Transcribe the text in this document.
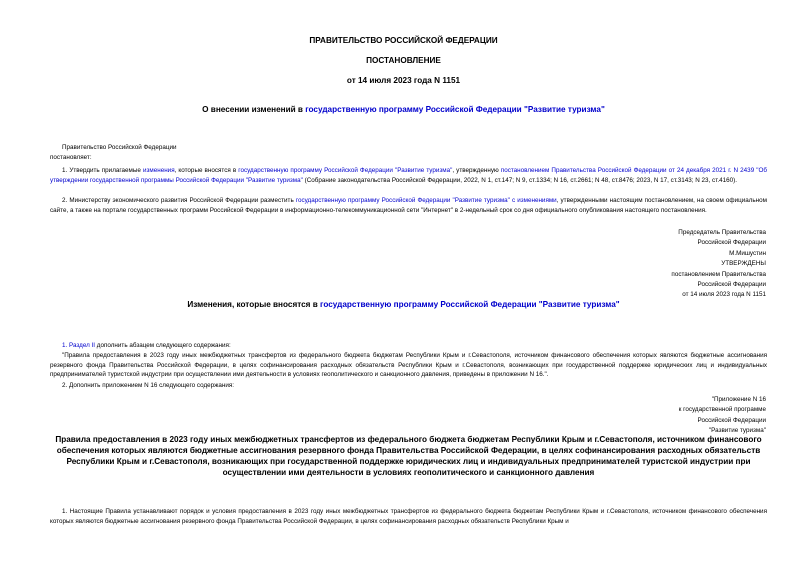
ПРАВИТЕЛЬСТВО РОССИЙСКОЙ ФЕДЕРАЦИИ
ПОСТАНОВЛЕНИЕ
от 14 июля 2023 года N 1151
О внесении изменений в государственную программу Российской Федерации "Развитие туризма"
Правительство Российской Федерации
постановляет:
1. Утвердить прилагаемые изменения, которые вносятся в государственную программу Российской Федерации "Развитие туризма", утвержденную постановлением Правительства Российской Федерации от 24 декабря 2021 г. N 2439 "Об утверждении государственной программы Российской Федерации "Развитие туризма" (Собрание законодательства Российской Федерации, 2022, N 1, ст.147; N 9, ст.1334; N 16, ст.2661; N 48, ст.8476; 2023, N 17, ст.3143; N 23, ст.4160).
2. Министерству экономического развития Российской Федерации разместить государственную программу Российской Федерации "Развитие туризма" с изменениями, утвержденными настоящим постановлением, на своем официальном сайте, а также на портале государственных программ Российской Федерации в информационно-телекоммуникационной сети "Интернет" в 2-недельный срок со дня официального опубликования настоящего постановления.
Председатель Правительства
Российской Федерации
М.Мишустин
УТВЕРЖДЕНЫ
постановлением Правительства
Российской Федерации
от 14 июля 2023 года N 1151
Изменения, которые вносятся в государственную программу Российской Федерации "Развитие туризма"
1. Раздел II дополнить абзацем следующего содержания:
"Правила предоставления в 2023 году иных межбюджетных трансфертов из федерального бюджета бюджетам Республики Крым и г.Севастополя, источником финансового обеспечения которых являются бюджетные ассигнования резервного фонда Правительства Российской Федерации, в целях софинансирования расходных обязательств Республики Крым и г.Севастополя, возникающих при государственной поддержке юридических лиц и индивидуальных предпринимателей туристской индустрии при осуществлении ими деятельности в условиях геополитического и санкционного давления, приведены в приложении N 16.".
2. Дополнить приложением N 16 следующего содержания:
"Приложение N 16
к государственной программе
Российской Федерации
"Развитие туризма"
Правила предоставления в 2023 году иных межбюджетных трансфертов из федерального бюджета бюджетам Республики Крым и г.Севастополя, источником финансового обеспечения которых являются бюджетные ассигнования резервного фонда Правительства Российской Федерации, в целях софинансирования расходных обязательств Республики Крым и г.Севастополя, возникающих при государственной поддержке юридических лиц и индивидуальных предпринимателей туристской индустрии при осуществлении ими деятельности в условиях геополитического и санкционного давления
1. Настоящие Правила устанавливают порядок и условия предоставления в 2023 году иных межбюджетных трансфертов из федерального бюджета бюджетам Республики Крым и г.Севастополя, источником финансового обеспечения которых являются бюджетные ассигнования резервного фонда Правительства Российской Федерации, в целях софинансирования расходных обязательств Республики Крым и
